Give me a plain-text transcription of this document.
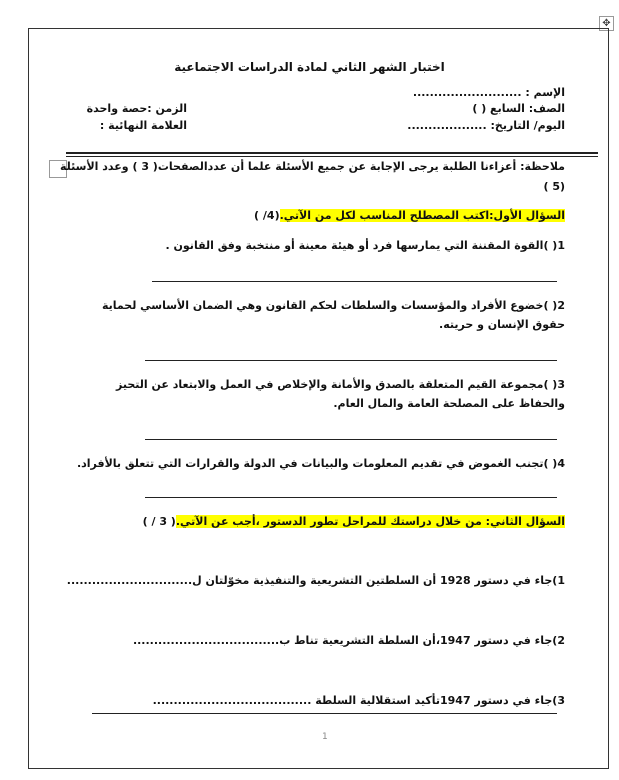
✥
اختبار الشهر الثاني لمادة الدراسات الاجتماعية
الإسم : ..........................
الصف: السابع ( )
اليوم/ التاريخ: ...................
الزمن :حصة واحدة
العلامة النهائية :
ملاحظة: أعزاءنا الطلبة يرجى الإجابة عن جميع الأسئلة علما أن عددالصفحات( 3 ) وعدد الأسئلة
(5 )
السؤال الأول:اكتب المصطلح المناسب لكل من الآتي.(4/ )
1( )القوة المقننة التي يمارسها فرد أو هيئة معينة أو منتخبة وفق القانون .
2( )خضوع الأفراد والمؤسسات والسلطات لحكم القانون وهي الضمان الأساسي لحماية
حقوق الإنسان و حريته.
3( )مجموعة القيم المتعلقة بالصدق والأمانة والإخلاص في العمل والابتعاد عن التحيز
والحفاظ على المصلحة العامة والمال العام.
4( )تجنب الغموض في تقديم المعلومات والبيانات في الدولة والقرارات التي تتعلق بالأفراد.
السؤال الثاني: من خلال دراستك للمراحل تطور الدستور ،أجب عن الآتي.( 3 / )
1)جاء في دستور 1928 أن السلطتين التشريعية والتنفيذية مخوّلتان ل..............................
2)جاء في دستور 1947،أن السلطة التشريعية تناط ب...................................
3)جاء في دستور 1947تأكيد استقلالية السلطة ......................................
1
